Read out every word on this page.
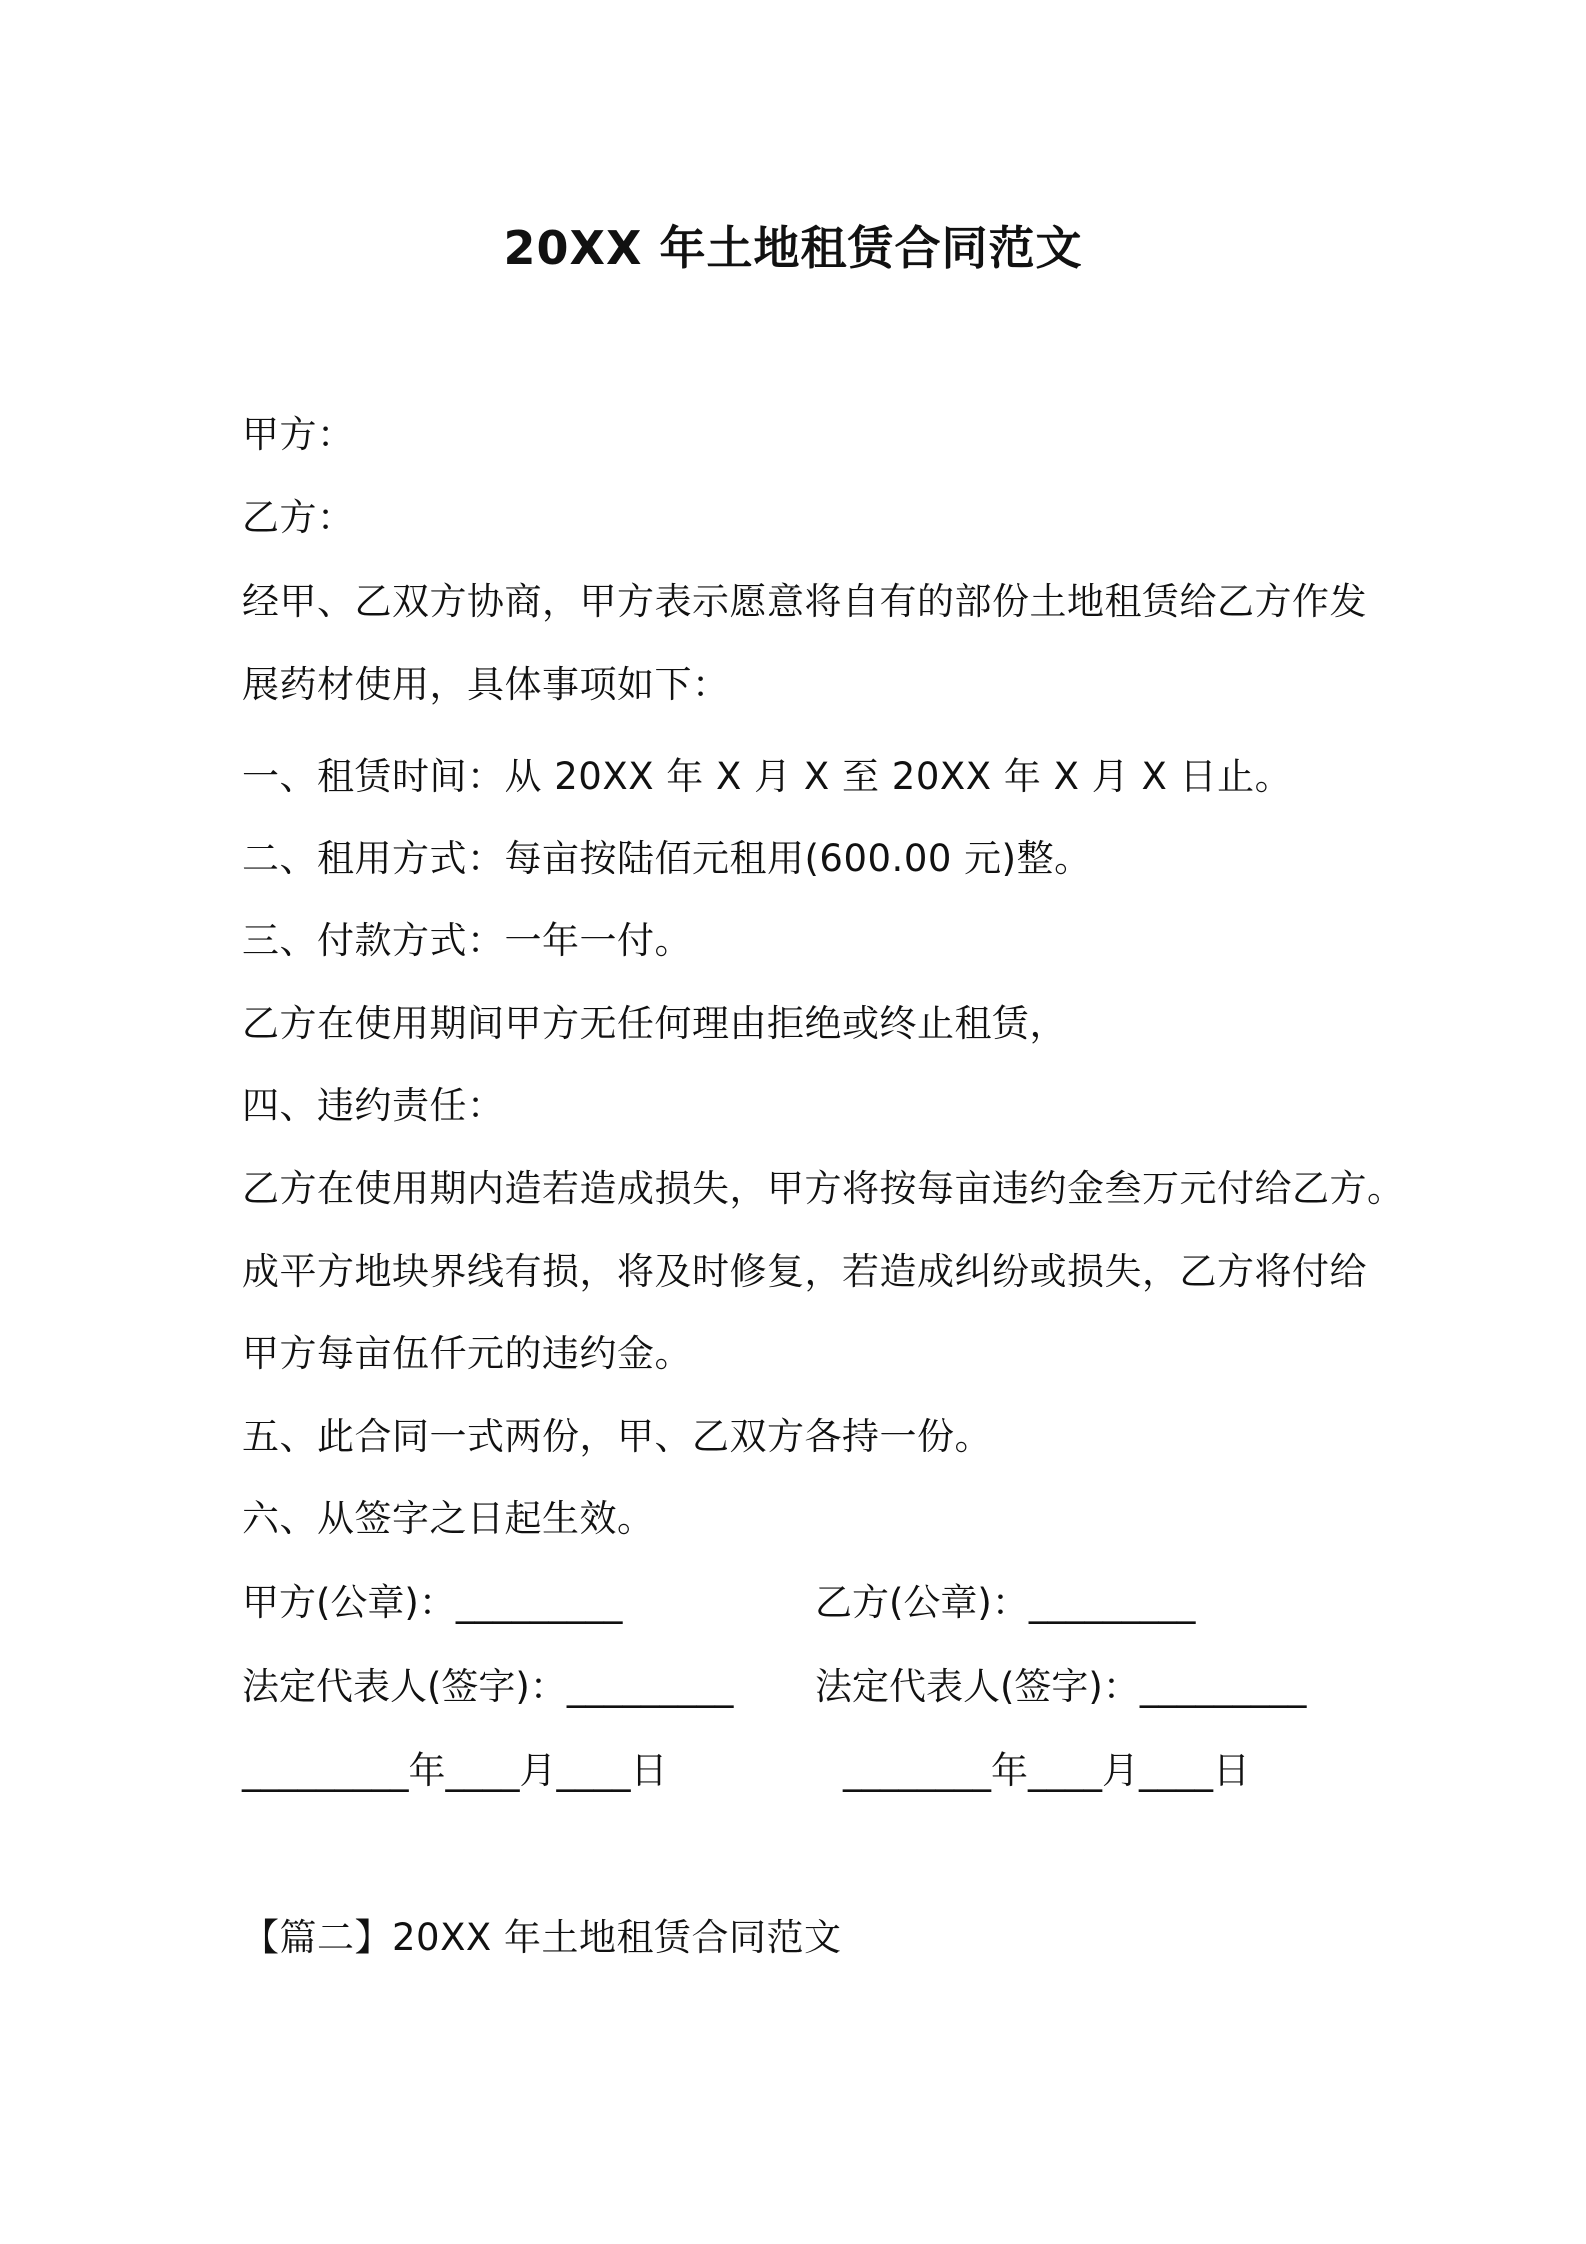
20XX 年土地租赁合同范文
甲方：
乙方：
经甲、乙双方协商，甲方表示愿意将自有的部份土地租赁给乙方作发
展药材使用，具体事项如下：
一、租赁时间：从 20XX 年 X 月 X 至 20XX 年 X 月 X 日止。
二、租用方式：每亩按陆佰元租用(600.00 元)整。
三、付款方式：一年一付。
乙方在使用期间甲方无任何理由拒绝或终止租赁，
四、违约责任：
乙方在使用期内造若造成损失，甲方将按每亩违约金叁万元付给乙方。
成平方地块界线有损，将及时修复，若造成纠纷或损失，乙方将付给
甲方每亩伍仟元的违约金。
五、此合同一式两份，甲、乙双方各持一份。
六、从签字之日起生效。
甲方(公章)：_________	乙方(公章)：_________
法定代表人(签字)：_________ 法定代表人(签字)：_________
_________年____月____日	________年____月____日
【篇二】20XX 年土地租赁合同范文
